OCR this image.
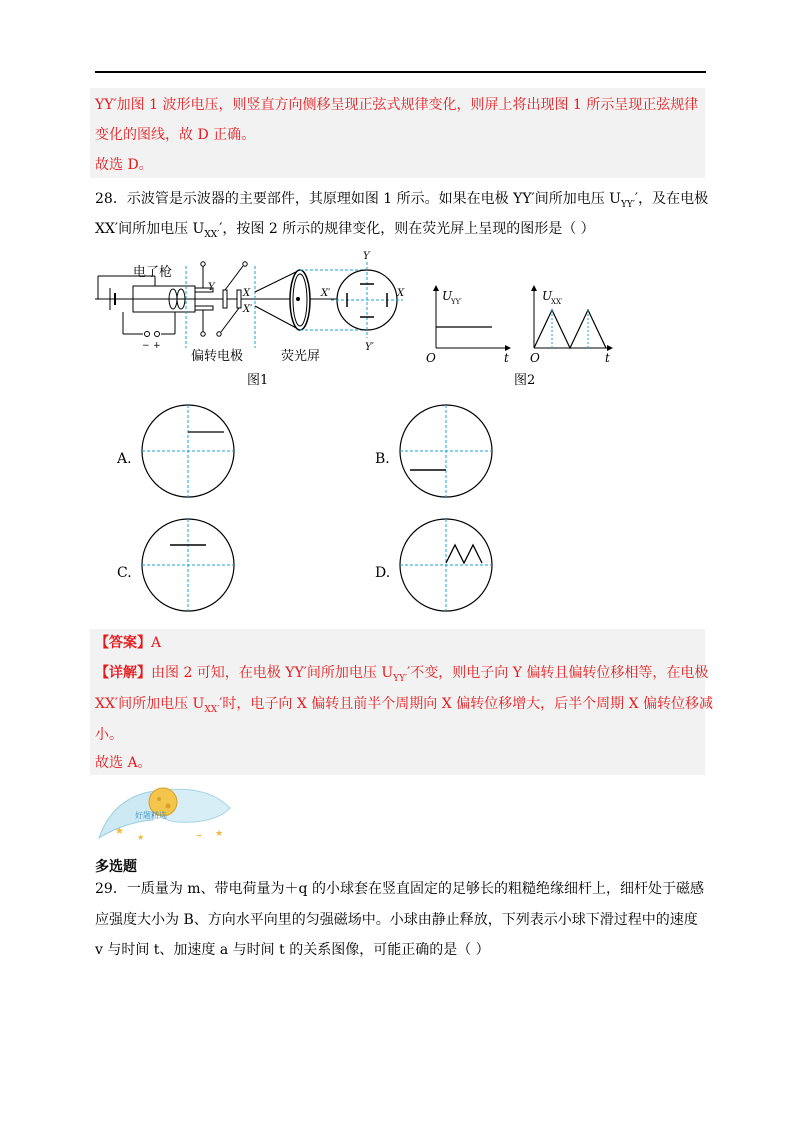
YY′加图 1 波形电压，则竖直方向侧移呈现正弦式规律变化，则屏上将出现图 1 所示呈现正弦规律
变化的图线，故 D 正确。
故选 D。
28．示波管是示波器的主要部件，其原理如图 1 所示。如果在电极 YY′间所加电压 $U_{YY'}'$，及在电极
XX′间所加电压 $U_{XX'}'$，按图 2 所示的规律变化，则在荧光屏上呈现的图形是（ ）
− +
Y
X
X′
Y
Y′
X
X′
电了枪
偏转电极	荧光屏
图1
U
YY′
O	t
U
XX′
O	t
图2
A.	B.
C.	D.
【答案】A
【详解】由图 2 可知，在电极 YY′间所加电压 $U_{YY'}'$不变，则电子向 Y 偏转且偏转位移相等，在电极
XX′间所加电压 $U_{XX'}'$时，电子向 X 偏转且前半个周期向 X 偏转位移增大，后半个周期 X 偏转位移减
小。
故选 A。
好题精选
★
★	★
━
多选题
29．一质量为 m、带电荷量为＋q 的小球套在竖直固定的足够长的粗糙绝缘细杆上，细杆处于磁感
应强度大小为 B、方向水平向里的匀强磁场中。小球由静止释放，下列表示小球下滑过程中的速度
v 与时间 t、加速度 a 与时间 t 的关系图像，可能正确的是（ ）
